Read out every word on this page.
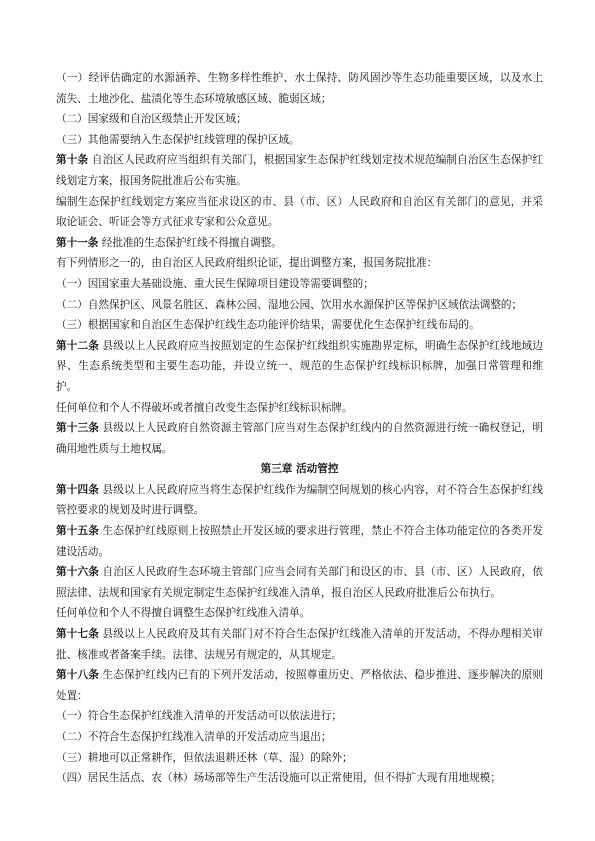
（一）经评估确定的水源涵养、生物多样性维护、水土保持、防风固沙等生态功能重要区域，以及水土流失、土地沙化、盐渍化等生态环境敏感区域、脆弱区域；

（二）国家级和自治区级禁止开发区域；

（三）其他需要纳入生态保护红线管理的保护区域。

第十条 自治区人民政府应当组织有关部门，根据国家生态保护红线划定技术规范编制自治区生态保护红线划定方案，报国务院批准后公布实施。

编制生态保护红线划定方案应当征求设区的市、县（市、区）人民政府和自治区有关部门的意见，并采取论证会、听证会等方式征求专家和公众意见。

第十一条 经批准的生态保护红线不得擅自调整。

有下列情形之一的，由自治区人民政府组织论证，提出调整方案，报国务院批准：

（一）因国家重大基础设施、重大民生保障项目建设等需要调整的；

（二）自然保护区、风景名胜区、森林公园、湿地公园、饮用水水源保护区等保护区域依法调整的；

（三）根据国家和自治区生态保护红线生态功能评价结果，需要优化生态保护红线布局的。

第十二条 县级以上人民政府应当按照划定的生态保护红线组织实施勘界定标，明确生态保护红线地域边界、生态系统类型和主要生态功能，并设立统一、规范的生态保护红线标识标牌，加强日常管理和维护。

任何单位和个人不得破坏或者擅自改变生态保护红线标识标牌。

第十三条 县级以上人民政府自然资源主管部门应当对生态保护红线内的自然资源进行统一确权登记，明确用地性质与土地权属。

第三章 活动管控

第十四条 县级以上人民政府应当将生态保护红线作为编制空间规划的核心内容，对不符合生态保护红线管控要求的规划及时进行调整。

第十五条 生态保护红线原则上按照禁止开发区域的要求进行管理，禁止不符合主体功能定位的各类开发建设活动。

第十六条 自治区人民政府生态环境主管部门应当会同有关部门和设区的市、县（市、区）人民政府，依照法律、法规和国家有关规定制定生态保护红线准入清单，报自治区人民政府批准后公布执行。

任何单位和个人不得擅自调整生态保护红线准入清单。

第十七条 县级以上人民政府及其有关部门对不符合生态保护红线准入清单的开发活动，不得办理相关审批、核准或者备案手续。法律、法规另有规定的，从其规定。

第十八条 生态保护红线内已有的下列开发活动，按照尊重历史、严格依法、稳步推进、逐步解决的原则处置：

（一）符合生态保护红线准入清单的开发活动可以依法进行；

（二）不符合生态保护红线准入清单的开发活动应当退出；

（三）耕地可以正常耕作，但依法退耕还林（草、湿）的除外；

（四）居民生活点、农（林）场场部等生产生活设施可以正常使用，但不得扩大现有用地规模；
